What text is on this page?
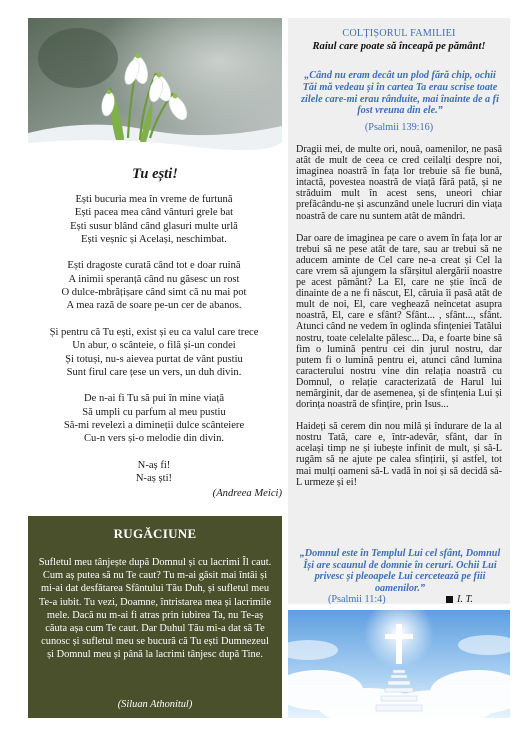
Tu ești!
Ești bucuria mea în vreme de furtună
Ești pacea mea când vânturi grele bat
Ești susur blând când glasuri multe urlă
Ești veșnic și Același, neschimbat.
Ești dragoste curată când tot e doar ruină
A inimii speranță când nu găsesc un rost
O dulce-mbrățișare când simt că nu mai pot
A mea rază de soare pe-un cer de abanos.
Și pentru că Tu ești, exist și eu ca valul care trece
Un abur, o scânteie, o filă și-un condei
Și totuși, nu-s aievea purtat de vânt pustiu
Sunt firul care țese un vers, un duh divin.
De n-ai fi Tu să pui în mine viață
Să umpli cu parfum al meu pustiu
Să-mi revelezi a dimineții dulce scânteiere
Cu-n vers și-o melodie din divin.
N-aș fi!
N-aș ști!
(Andreea Meici)
RUGĂCIUNE
Sufletul meu tânjește după Domnul și cu lacrimi Îl caut. Cum aș putea să nu Te caut? Tu m-ai găsit mai întâi și mi-ai dat desfătarea Sfântului Tău Duh, și sufletul meu Te-a iubit. Tu vezi, Doamne, întristarea mea și lacrimile mele. Dacă nu m-ai fi atras prin iubirea Ta, nu Te-aș căuta așa cum Te caut. Dar Duhul Tău mi-a dat să Te cunosc și sufletul meu se bucură că Tu ești Dumnezeul și Domnul meu și până la lacrimi tânjesc după Tine.
(Siluan Athonitul)
COLȚIȘORUL FAMILIEI
Raiul care poate să înceapă pe pământ!
„Când nu eram decât un plod fără chip, ochii Tăi mă vedeau și în cartea Ta erau scrise toate zilele care-mi erau rânduite, mai înainte de a fi fost vreuna din ele.”
(Psalmii 139:16)

Dragii mei, de multe ori, nouă, oamenilor, ne pasă atât de mult de ceea ce cred ceilalți despre noi, imaginea noastră în fața lor trebuie să fie bună, intactă, povestea noastră de viață fără pată, și ne străduim mult în acest sens, uneori chiar prefăcându-ne și ascunzând unele lucruri din viața noastră de care nu suntem atât de mândri.

Dar oare de imaginea pe care o avem în fața lor ar trebui să ne pese atât de tare, sau ar trebui să ne aducem aminte de Cel care ne-a creat și Cel la care vrem să ajungem la sfârșitul alergării noastre pe acest pământ? La El, care ne știe încă de dinainte de a ne fi născut, El, căruia îi pasă atât de mult de noi, El, care veghează neîncetat asupra noastră, El, care e sfânt? Sfânt... , sfânt..., sfânt. Atunci când ne vedem în oglinda sfințeniei Tatălui nostru, toate celelalte pălesc... Da, e foarte bine să fim o lumină pentru cei din jurul nostru, dar putem fi o lumină pentru ei, atunci când lumina caracterului nostru vine din relația noastră cu Domnul, o relație caracterizată de Harul lui nemărginit, dar de asemenea, și de sfințenia Lui și dorința noastră de sfințire, prin Isus...

Haideți să cerem din nou milă și îndurare de la al nostru Tată, care e, într-adevăr, sfânt, dar în același timp ne și iubește infinit de mult, și să-L rugăm să ne ajute pe calea sfințirii, și astfel, tot mai mulți oameni să-L vadă în noi și să decidă să-L urmeze și ei!

„Domnul este în Templul Lui cel sfânt, Domnul Își are scaunul de domnie în ceruri. Ochii Lui privesc și pleoapele Lui cercetează pe fiii oamenilor.”
(Psalmii 11:4)	I. T.
